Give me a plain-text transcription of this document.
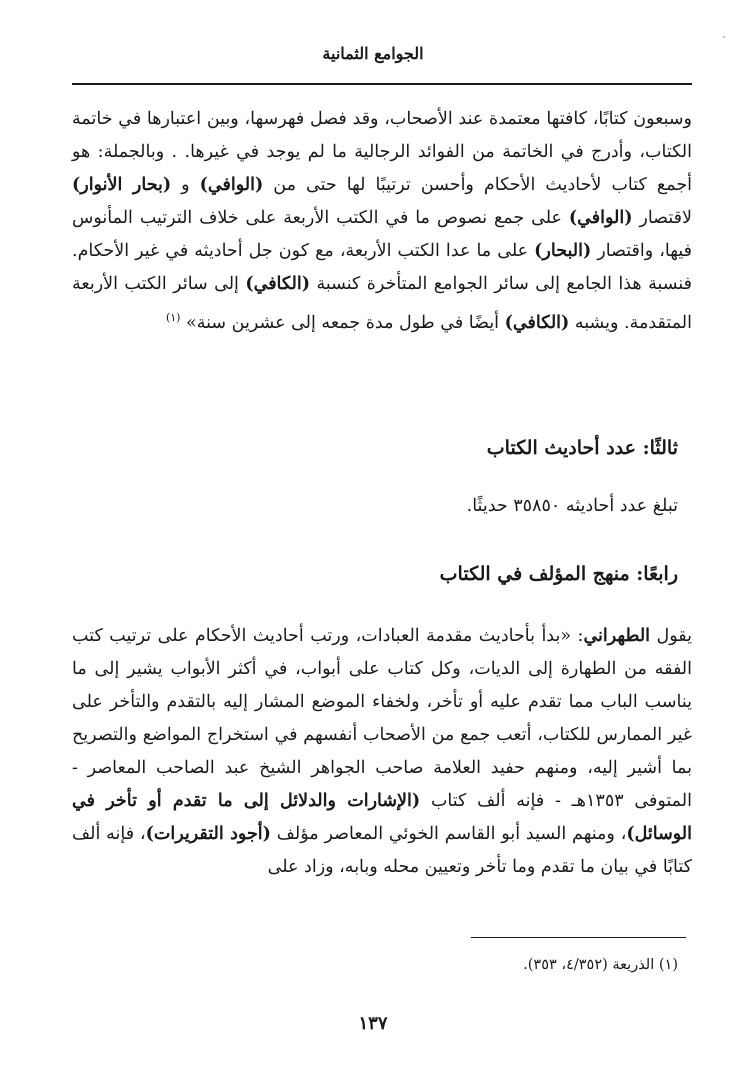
الجوامع الثمانية
وسبعون كتابًا، كافتها معتمدة عند الأصحاب، وقد فصل فهرسها، وبين اعتبارها في خاتمة الكتاب، وأدرج في الخاتمة من الفوائد الرجالية ما لم يوجد في غيرها. . وبالجملة: هو أجمع كتاب لأحاديث الأحكام وأحسن ترتيبًا لها حتى من (الوافي) و (بحار الأنوار) لاقتصار (الوافي) على جمع نصوص ما في الكتب الأربعة على خلاف الترتيب المأنوس فيها، واقتصار (البحار) على ما عدا الكتب الأربعة، مع كون جل أحاديثه في غير الأحكام. فنسبة هذا الجامع إلى سائر الجوامع المتأخرة كنسبة (الكافي) إلى سائر الكتب الأربعة المتقدمة. ويشبه (الكافي) أيضًا في طول مدة جمعه إلى عشرين سنة» $^{(١)}$
ثالثًا: عدد أحاديث الكتاب
تبلغ عدد أحاديثه ٣٥٨٥٠ حديثًا.
رابعًا: منهج المؤلف في الكتاب
يقول الطهراني: «بدأ بأحاديث مقدمة العبادات، ورتب أحاديث الأحكام على ترتيب كتب الفقه من الطهارة إلى الديات، وكل كتاب على أبواب، في أكثر الأبواب يشير إلى ما يناسب الباب مما تقدم عليه أو تأخر، ولخفاء الموضع المشار إليه بالتقدم والتأخر على غير الممارس للكتاب، أتعب جمع من الأصحاب أنفسهم في استخراج المواضع والتصريح بما أشير إليه، ومنهم حفيد العلامة صاحب الجواهر الشيخ عبد الصاحب المعاصر - المتوفى ١٣٥٣هـ - فإنه ألف كتاب (الإشارات والدلائل إلى ما تقدم أو تأخر في الوسائل)، ومنهم السيد أبو القاسم الخوئي المعاصر مؤلف (أجود التقريرات)، فإنه ألف كتابًا في بيان ما تقدم وما تأخر وتعيين محله وبابه، وزاد على
(١) الذريعة (٤/٣٥٢، ٣٥٣).
١٣٧
·
